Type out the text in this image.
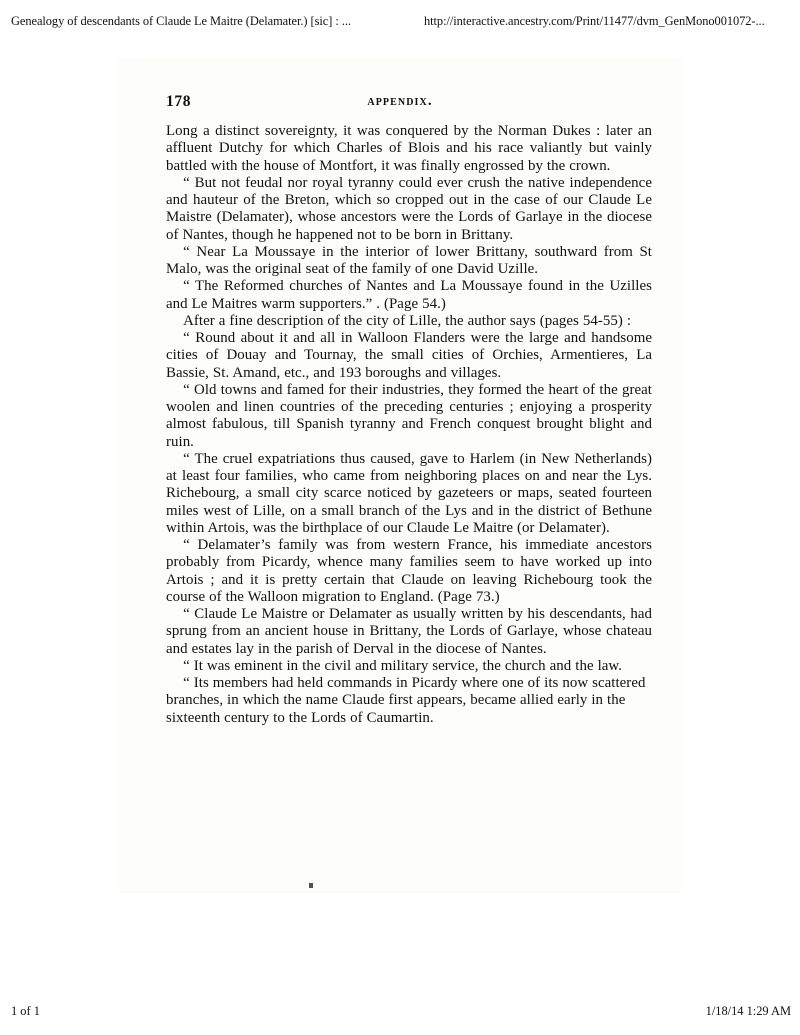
Genealogy of descendants of Claude Le Maitre (Delamater.) [sic] : ...	http://interactive.ancestry.com/Print/11477/dvm_GenMono001072-...
178	appendix.

Long a distinct sovereignty, it was conquered by the Norman Dukes : later an affluent Dutchy for which Charles of Blois and his race valiantly but vainly battled with the house of Montfort, it was finally engrossed by the crown.

“ But not feudal nor royal tyranny could ever crush the native independence and hauteur of the Breton, which so cropped out in the case of our Claude Le Maistre (Delamater), whose ancestors were the Lords of Garlaye in the diocese of Nantes, though he happened not to be born in Brittany.

“ Near La Moussaye in the interior of lower Brittany, southward from St Malo, was the original seat of the family of one David Uzille.

“ The Reformed churches of Nantes and La Moussaye found in the Uzilles and Le Maitres warm supporters.” . (Page 54.)

After a fine description of the city of Lille, the author says (pages 54-55) :

“ Round about it and all in Walloon Flanders were the large and handsome cities of Douay and Tournay, the small cities of Orchies, Armentieres, La Bassie, St. Amand, etc., and 193 boroughs and villages.

“ Old towns and famed for their industries, they formed the heart of the great woolen and linen countries of the preceding centuries ; enjoying a prosperity almost fabulous, till Spanish tyranny and French conquest brought blight and ruin.

“ The cruel expatriations thus caused, gave to Harlem (in New Netherlands) at least four families, who came from neighboring places on and near the Lys. Richebourg, a small city scarce noticed by gazeteers or maps, seated fourteen miles west of Lille, on a small branch of the Lys and in the district of Bethune within Artois, was the birthplace of our Claude Le Maitre (or Delamater).

“ Delamater’s family was from western France, his immediate ancestors probably from Picardy, whence many families seem to have worked up into Artois ; and it is pretty certain that Claude on leaving Richebourg took the course of the Walloon migration to England. (Page 73.)

“ Claude Le Maistre or Delamater as usually written by his descendants, had sprung from an ancient house in Brittany, the Lords of Garlaye, whose chateau and estates lay in the parish of Derval in the diocese of Nantes.

“ It was eminent in the civil and military service, the church and the law.

“ Its members had held commands in Picardy where one of its now scattered branches, in which the name Claude first appears, became allied early in the sixteenth century to the Lords of Caumartin.

1 of 1	1/18/14 1:29 AM
